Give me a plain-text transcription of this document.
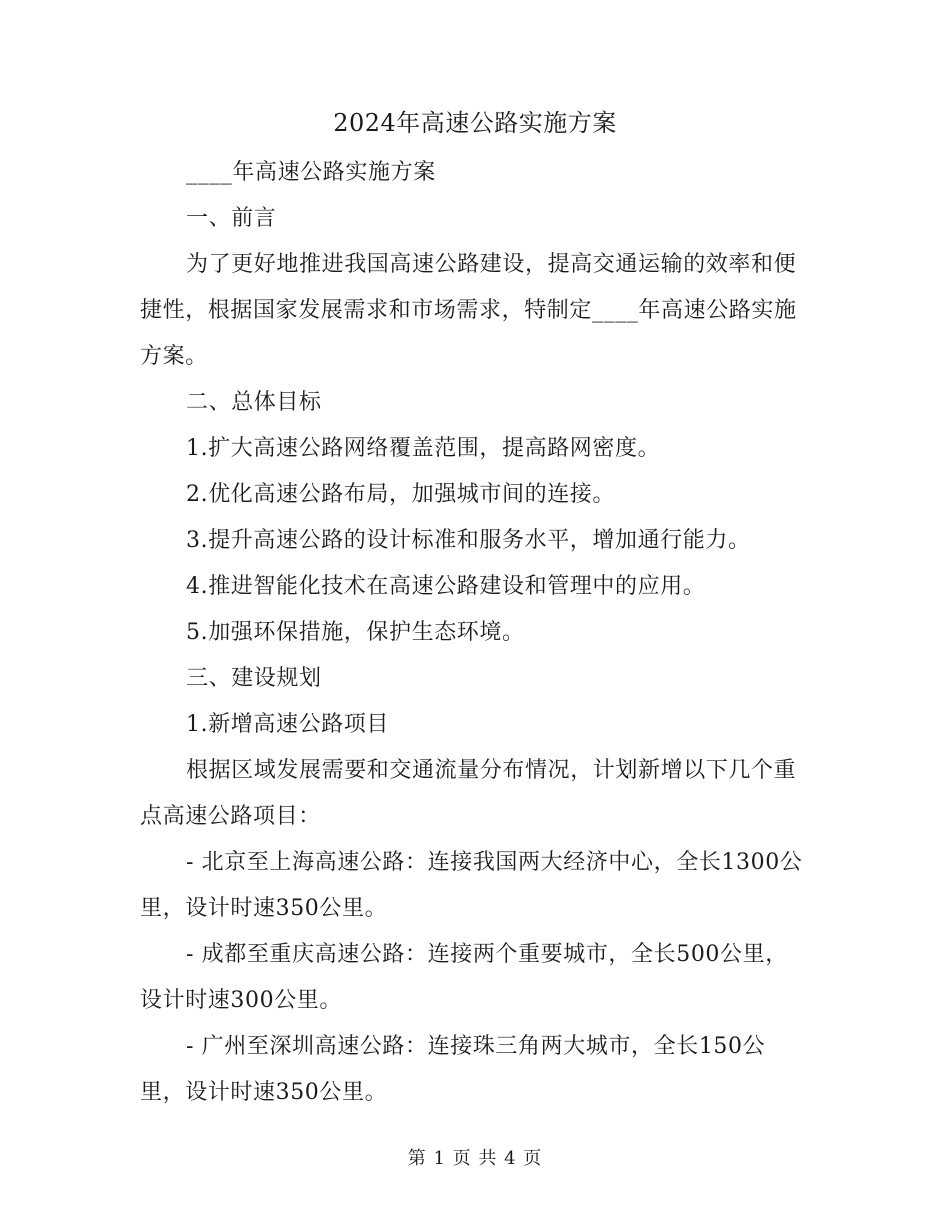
2024年高速公路实施方案

____年高速公路实施方案

一、前言

为了更好地推进我国高速公路建设，提高交通运输的效率和便捷性，根据国家发展需求和市场需求，特制定____年高速公路实施方案。

二、总体目标

1.扩大高速公路网络覆盖范围，提高路网密度。

2.优化高速公路布局，加强城市间的连接。

3.提升高速公路的设计标准和服务水平，增加通行能力。

4.推进智能化技术在高速公路建设和管理中的应用。

5.加强环保措施，保护生态环境。

三、建设规划

1.新增高速公路项目

根据区域发展需要和交通流量分布情况，计划新增以下几个重点高速公路项目：

- 北京至上海高速公路：连接我国两大经济中心，全长1300公里，设计时速350公里。

- 成都至重庆高速公路：连接两个重要城市，全长500公里，设计时速300公里。

- 广州至深圳高速公路：连接珠三角两大城市，全长150公里，设计时速350公里。

第 1 页 共 4 页
